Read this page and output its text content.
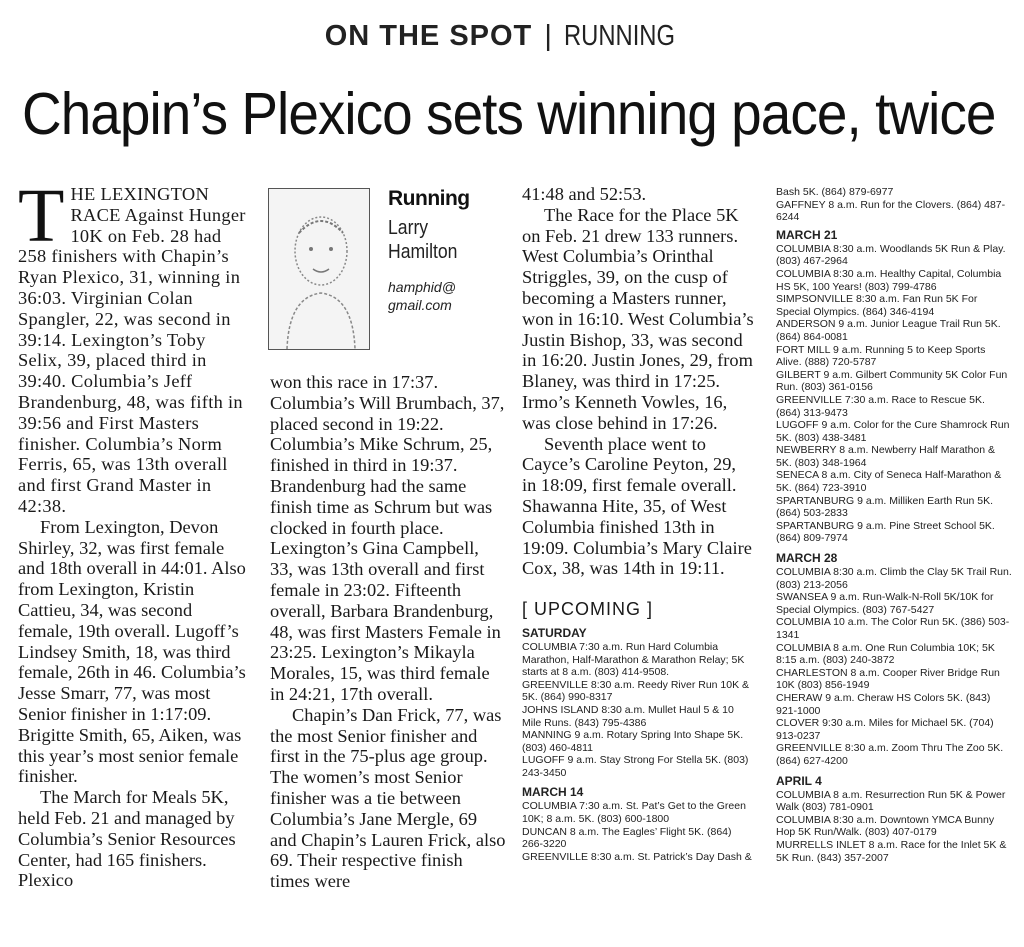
ON THE SPOT | RUNNING
Chapin’s Plexico sets winning pace, twice

THE LEXINGTON RACE Against Hunger 10K on Feb. 28 had 258 finishers with Chapin’s Ryan Plexico, 31, winning in 36:03. Virginian Colan Spangler, 22, was second in 39:14. Lexington’s Toby Selix, 39, placed third in 39:40. Columbia’s Jeff Brandenburg, 48, was fifth in 39:56 and First Masters finisher. Columbia’s Norm Ferris, 65, was 13th overall and first Grand Master in 42:38.

From Lexington, Devon Shirley, 32, was first female and 18th overall in 44:01. Also from Lexington, Kristin Cattieu, 34, was second female, 19th overall. Lugoff’s Lindsey Smith, 18, was third female, 26th in 46. Columbia’s Jesse Smarr, 77, was most Senior finisher in 1:17:09. Brigitte Smith, 65, Aiken, was this year’s most senior female finisher.

The March for Meals 5K, held Feb. 21 and managed by Columbia’s Senior Resources Center, had 165 finishers. Plexico

Running
Larry
Hamilton
hamphid@
gmail.com

won this race in 17:37. Columbia’s Will Brumbach, 37, placed second in 19:22. Columbia’s Mike Schrum, 25, finished in third in 19:37. Brandenburg had the same finish time as Schrum but was clocked in fourth place. Lexington’s Gina Campbell, 33, was 13th overall and first female in 23:02. Fifteenth overall, Barbara Brandenburg, 48, was first Masters Female in 23:25. Lexington’s Mikayla Morales, 15, was third female in 24:21, 17th overall.

Chapin’s Dan Frick, 77, was the most Senior finisher and first in the 75-plus age group. The women’s most Senior finisher was a tie between Columbia’s Jane Mergle, 69 and Chapin’s Lauren Frick, also 69. Their respective finish times were

41:48 and 52:53.

The Race for the Place 5K on Feb. 21 drew 133 runners. West Columbia’s Orinthal Striggles, 39, on the cusp of becoming a Masters runner, won in 16:10. West Columbia’s Justin Bishop, 33, was second in 16:20. Justin Jones, 29, from Blaney, was third in 17:25. Irmo’s Kenneth Vowles, 16, was close behind in 17:26.

Seventh place went to Cayce’s Caroline Peyton, 29, in 18:09, first female overall. Shawanna Hite, 35, of West Columbia finished 13th in 19:09. Columbia’s Mary Claire Cox, 38, was 14th in 19:11.

[ UPCOMING ]
SATURDAY

COLUMBIA 7:30 a.m. Run Hard Columbia Marathon, Half-Marathon & Marathon Relay; 5K starts at 8 a.m. (803) 414-9508.

GREENVILLE 8:30 a.m. Reedy River Run 10K & 5K. (864) 990-8317

JOHNS ISLAND 8:30 a.m. Mullet Haul 5 & 10 Mile Runs. (843) 795-4386

MANNING 9 a.m. Rotary Spring Into Shape 5K. (803) 460-4811

LUGOFF 9 a.m. Stay Strong For Stella 5K. (803) 243-3450

MARCH 14

COLUMBIA 7:30 a.m. St. Pat’s Get to the Green 10K; 8 a.m. 5K. (803) 600-1800

DUNCAN 8 a.m. The Eagles’ Flight 5K. (864) 266-3220

GREENVILLE 8:30 a.m. St. Patrick’s Day Dash &

Bash 5K. (864) 879-6977

GAFFNEY 8 a.m. Run for the Clovers. (864) 487-6244

MARCH 21

COLUMBIA 8:30 a.m. Woodlands 5K Run & Play. (803) 467-2964

COLUMBIA 8:30 a.m. Healthy Capital, Columbia HS 5K, 100 Years! (803) 799-4786

SIMPSONVILLE 8:30 a.m. Fan Run 5K For Special Olympics. (864) 346-4194

ANDERSON 9 a.m. Junior League Trail Run 5K. (864) 864-0081

FORT MILL 9 a.m. Running 5 to Keep Sports Alive. (888) 720-5787

GILBERT 9 a.m. Gilbert Community 5K Color Fun Run. (803) 361-0156

GREENVILLE 7:30 a.m. Race to Rescue 5K. (864) 313-9473

LUGOFF 9 a.m. Color for the Cure Shamrock Run 5K. (803) 438-3481

NEWBERRY 8 a.m. Newberry Half Marathon & 5K. (803) 348-1964

SENECA 8 a.m. City of Seneca Half-Marathon & 5K. (864) 723-3910

SPARTANBURG 9 a.m. Milliken Earth Run 5K. (864) 503-2833

SPARTANBURG 9 a.m. Pine Street School 5K. (864) 809-7974

MARCH 28

COLUMBIA 8:30 a.m. Climb the Clay 5K Trail Run. (803) 213-2056

SWANSEA 9 a.m. Run-Walk-N-Roll 5K/10K for Special Olympics. (803) 767-5427

COLUMBIA 10 a.m. The Color Run 5K. (386) 503-1341

COLUMBIA 8 a.m. One Run Columbia 10K; 5K 8:15 a.m. (803) 240-3872

CHARLESTON 8 a.m. Cooper River Bridge Run 10K (803) 856-1949

CHERAW 9 a.m. Cheraw HS Colors 5K. (843) 921-1000

CLOVER 9:30 a.m. Miles for Michael 5K. (704) 913-0237

GREENVILLE 8:30 a.m. Zoom Thru The Zoo 5K. (864) 627-4200

APRIL 4

COLUMBIA 8 a.m. Resurrection Run 5K & Power Walk (803) 781-0901

COLUMBIA 8:30 a.m. Downtown YMCA Bunny Hop 5K Run/Walk. (803) 407-0179

MURRELLS INLET 8 a.m. Race for the Inlet 5K & 5K Run. (843) 357-2007
